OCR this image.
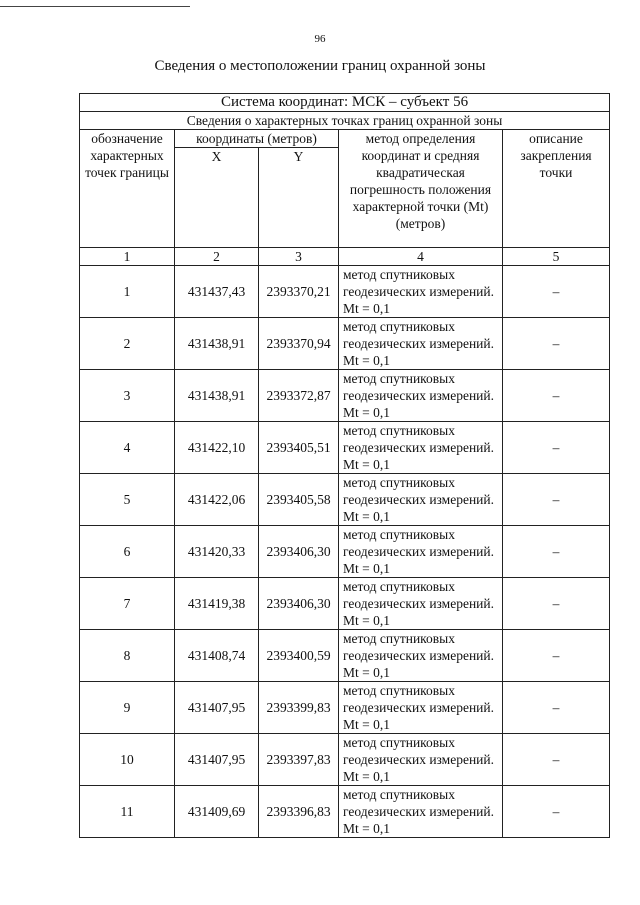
96
Сведения о местоположении границ охранной зоны
Система координат: МСК – субъект 56				
Сведения о характерных точках границ охранной зоны				
обозначение характерных точек границы	координаты (метров)		метод определения координат и средняя квадратическая погрешность положения характерной точки (Mt) (метров)	описание закрепления точки
	X	Y		
1	2	3	4	5
1	431437,43	2393370,21	метод спутниковых геодезических измерений. Mt = 0,1	–
2	431438,91	2393370,94	метод спутниковых геодезических измерений. Mt = 0,1	–
3	431438,91	2393372,87	метод спутниковых геодезических измерений. Mt = 0,1	–
4	431422,10	2393405,51	метод спутниковых геодезических измерений. Mt = 0,1	–
5	431422,06	2393405,58	метод спутниковых геодезических измерений. Mt = 0,1	–
6	431420,33	2393406,30	метод спутниковых геодезических измерений. Mt = 0,1	–
7	431419,38	2393406,30	метод спутниковых геодезических измерений. Mt = 0,1	–
8	431408,74	2393400,59	метод спутниковых геодезических измерений. Mt = 0,1	–
9	431407,95	2393399,83	метод спутниковых геодезических измерений. Mt = 0,1	–
10	431407,95	2393397,83	метод спутниковых геодезических измерений. Mt = 0,1	–
11	431409,69	2393396,83	метод спутниковых геодезических измерений. Mt = 0,1	–
